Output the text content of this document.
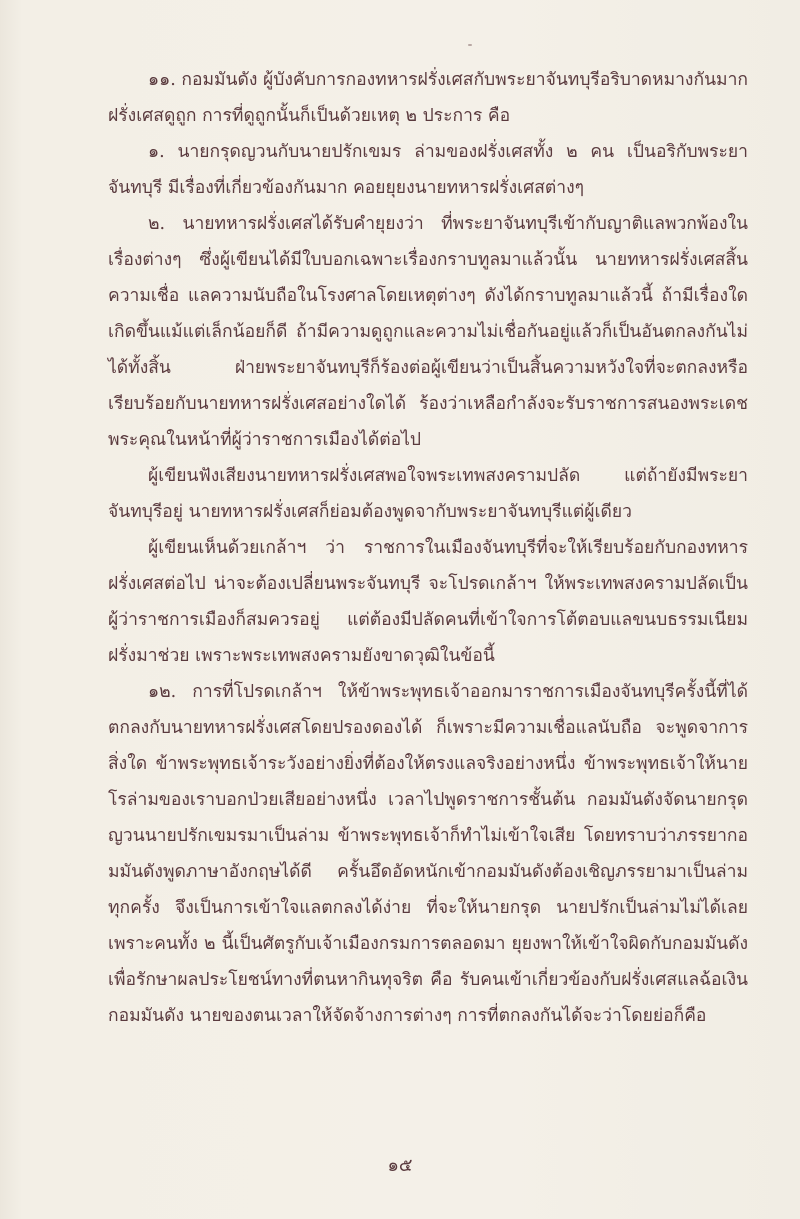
๑๑. กอมมันดัง ผู้บังคับการกองทหารฝรั่งเศสกับพระยาจันทบุรีอริบาดหมางกันมาก ฝรั่งเศสดูถูก การที่ดูถูกนั้นก็เป็นด้วยเหตุ ๒ ประการ คือ

๑. นายกรุดญวนกับนายปรักเขมร ล่ามของฝรั่งเศสทั้ง ๒ คน เป็นอริกับพระยาจันทบุรี มีเรื่องที่เกี่ยวข้องกันมาก คอยยุยงนายทหารฝรั่งเศสต่างๆ

๒. นายทหารฝรั่งเศสได้รับคำยุยงว่า ที่พระยาจันทบุรีเข้ากับญาติแลพวกพ้องในเรื่องต่างๆ ซึ่งผู้เขียนได้มีใบบอกเฉพาะเรื่องกราบทูลมาแล้วนั้น นายทหารฝรั่งเศสสิ้นความเชื่อ แลความนับถือในโรงศาลโดยเหตุต่างๆ ดังได้กราบทูลมาแล้วนี้ ถ้ามีเรื่องใดเกิดขึ้นแม้แต่เล็กน้อยก็ดี ถ้ามีความดูถูกและความไม่เชื่อกันอยู่แล้วก็เป็นอันตกลงกันไม่ได้ทั้งสิ้น ฝ่ายพระยาจันทบุรีก็ร้องต่อผู้เขียนว่าเป็นสิ้นความหวังใจที่จะตกลงหรือเรียบร้อยกับนายทหารฝรั่งเศสอย่างใดได้ ร้องว่าเหลือกำลังจะรับราชการสนองพระเดชพระคุณในหน้าที่ผู้ว่าราชการเมืองได้ต่อไป

ผู้เขียนฟังเสียงนายทหารฝรั่งเศสพอใจพระเทพสงครามปลัด แต่ถ้ายังมีพระยาจันทบุรีอยู่ นายทหารฝรั่งเศสก็ย่อมต้องพูดจากับพระยาจันทบุรีแต่ผู้เดียว

ผู้เขียนเห็นด้วยเกล้าฯ ว่า ราชการในเมืองจันทบุรีที่จะให้เรียบร้อยกับกองทหารฝรั่งเศสต่อไป น่าจะต้องเปลี่ยนพระจันทบุรี จะโปรดเกล้าฯ ให้พระเทพสงครามปลัดเป็นผู้ว่าราชการเมืองก็สมควรอยู่ แต่ต้องมีปลัดคนที่เข้าใจการโต้ตอบแลขนบธรรมเนียมฝรั่งมาช่วย เพราะพระเทพสงครามยังขาดวุฒิในข้อนี้

๑๒. การที่โปรดเกล้าฯ ให้ข้าพระพุทธเจ้าออกมาราชการเมืองจันทบุรีครั้งนี้ที่ได้ตกลงกับนายทหารฝรั่งเศสโดยปรองดองได้ ก็เพราะมีความเชื่อแลนับถือ จะพูดจาการสิ่งใด ข้าพระพุทธเจ้าระวังอย่างยิ่งที่ต้องให้ตรงแลจริงอย่างหนึ่ง ข้าพระพุทธเจ้าให้นายโรล่ามของเราบอกป่วยเสียอย่างหนึ่ง เวลาไปพูดราชการชั้นต้น กอมมันดังจัดนายกรุดญวนนายปรักเขมรมาเป็นล่าม ข้าพระพุทธเจ้าก็ทำไม่เข้าใจเสีย โดยทราบว่าภรรยากอมมันดังพูดภาษาอังกฤษได้ดี ครั้นอึดอัดหนักเข้ากอมมันดังต้องเชิญภรรยามาเป็นล่ามทุกครั้ง จึงเป็นการเข้าใจแลตกลงได้ง่าย ที่จะให้นายกรุด นายปรักเป็นล่ามไม่ได้เลย เพราะคนทั้ง ๒ นี้เป็นศัตรูกับเจ้าเมืองกรมการตลอดมา ยุยงพาให้เข้าใจผิดกับกอมมันดัง เพื่อรักษาผลประโยชน์ทางที่ตนหากินทุจริต คือ รับคนเข้าเกี่ยวข้องกับฝรั่งเศสแลฉ้อเงินกอมมันดัง นายของตนเวลาให้จัดจ้างการต่างๆ การที่ตกลงกันได้จะว่าโดยย่อก็คือ

๑๕
